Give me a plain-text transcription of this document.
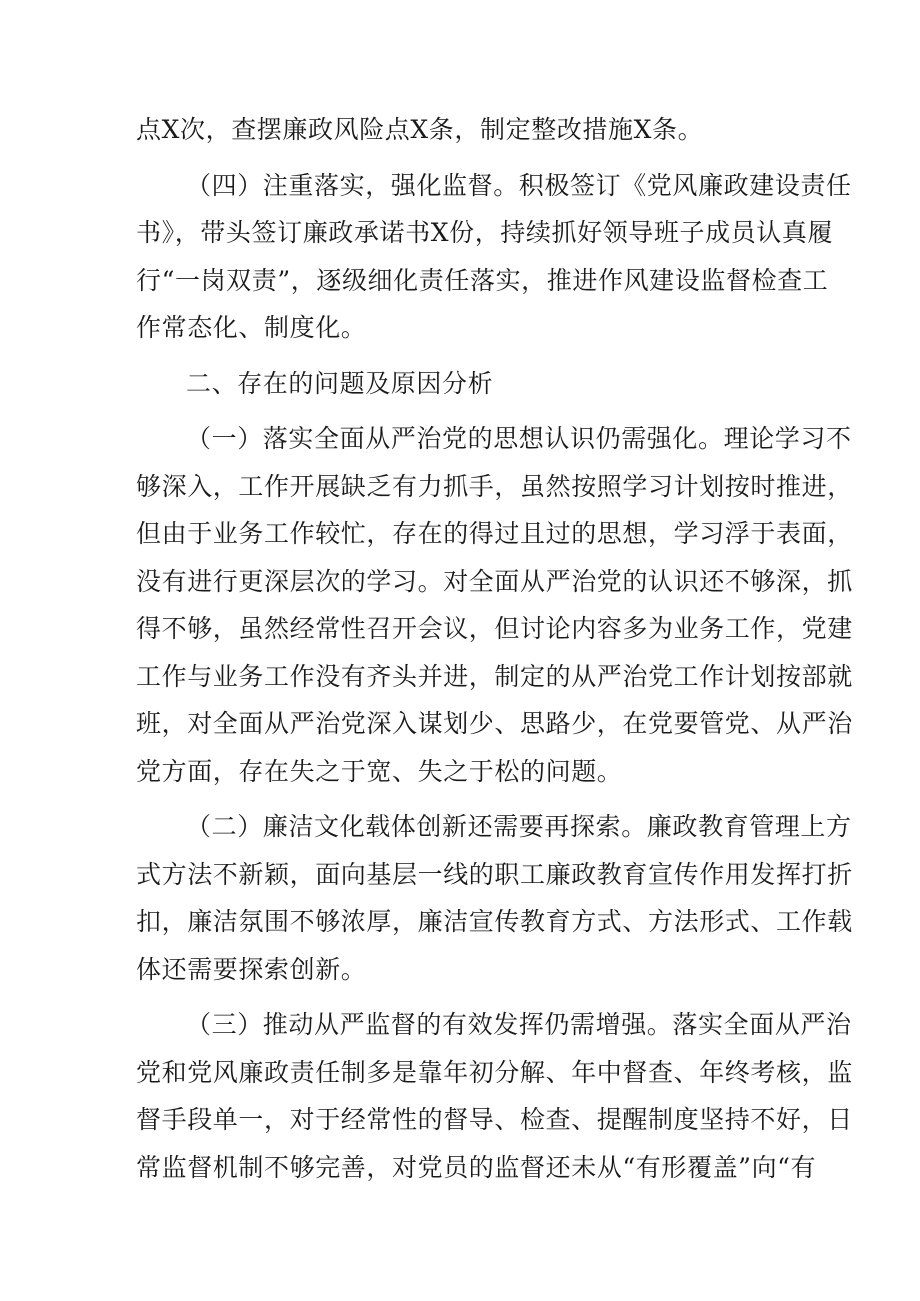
点X次，查摆廉政风险点X条，制定整改措施X条。
（四）注重落实，强化监督。积极签订《党风廉政建设责任
书》，带头签订廉政承诺书X份，持续抓好领导班子成员认真履
行“一岗双责”，逐级细化责任落实，推进作风建设监督检查工
作常态化、制度化。
二、存在的问题及原因分析
（一）落实全面从严治党的思想认识仍需强化。理论学习不
够深入，工作开展缺乏有力抓手，虽然按照学习计划按时推进，
但由于业务工作较忙，存在的得过且过的思想，学习浮于表面，
没有进行更深层次的学习。对全面从严治党的认识还不够深，抓
得不够，虽然经常性召开会议，但讨论内容多为业务工作，党建
工作与业务工作没有齐头并进，制定的从严治党工作计划按部就
班，对全面从严治党深入谋划少、思路少，在党要管党、从严治
党方面，存在失之于宽、失之于松的问题。
（二）廉洁文化载体创新还需要再探索。廉政教育管理上方
式方法不新颖，面向基层一线的职工廉政教育宣传作用发挥打折
扣，廉洁氛围不够浓厚，廉洁宣传教育方式、方法形式、工作载
体还需要探索创新。
（三）推动从严监督的有效发挥仍需增强。落实全面从严治
党和党风廉政责任制多是靠年初分解、年中督查、年终考核，监
督手段单一，对于经常性的督导、检查、提醒制度坚持不好，日
常监督机制不够完善，对党员的监督还未从“有形覆盖”向“有
